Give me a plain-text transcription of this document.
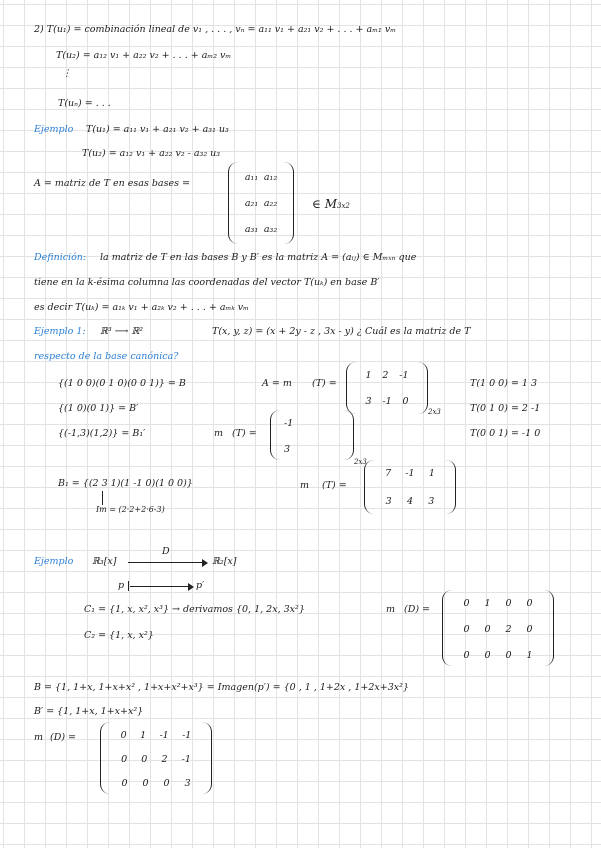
2) T(u₁) = combinación lineal de v₁ , . . . , vₙ = a₁₁ v₁ + a₂₁ v₂ + . . . + aₘ₁ vₘ
T(u₂) = a₁₂ v₁ + a₂₂ v₂ + . . . + aₘ₂ vₘ
⋮
T(uₙ) = . . .
Ejemplo T(u₁) = a₁₁ v₁ + a₂₁ v₂ + a₃₁ u₃
T(u₂) = a₁₂ v₁ + a₂₂ v₂ - a₃₂ u₃
A = matriz de T en esas bases =
a₁₁ a₁₂
a₂₁ a₂₂
a₃₁ a₃₂
∈ M3x2
Definición: la matriz de T en las bases B y B′ es la matriz A = (aᵢⱼ) ∈ Mₘₓₙ que
tiene en la k-ésima columna las coordenadas del vector T(uₖ) en base B′
es decir T(uₖ) = a₁ₖ v₁ + a₂ₖ v₂ + . . . + aₘₖ vₘ
Ejemplo 1: ℝ³ ⟶ ℝ²	T(x, y, z) = (x + 2y - z , 3x - y) ¿ Cuál es la matriz de T
respecto de la base canónica?
{(1 0 0)(0 1 0)(0 0 1)} = B
{(1 0)(0 1)} = B′
{(-1,3)(1,2)} = B₁′
A = m (T) =
1 2 -1
3 -1 0
2x3
T(1 0 0) = 1 3
T(0 1 0) = 2 -1
T(0 0 1) = -1 0
m (T) =
-1
3
2x3
B₁ = {(2 3 1)(1 -1 0)(1 0 0)}
Im = (2·2+2·6-3)
m (T) =
7 -1 1
3 4 3
Ejemplo ℝ₃[x]
D
ℝ₂[x]
p	p′
C₁ = {1, x, x², x³} → derivamos {0, 1, 2x, 3x²}
C₂ = {1, x, x²}
m (D) =
0 1 0 0
0 0 2 0
0 0 0 1
B = {1, 1+x, 1+x+x² , 1+x+x²+x³} = Imagen(p′) = {0 , 1 , 1+2x , 1+2x+3x²}
B′ = {1, 1+x, 1+x+x²}
m (D) =	0 1 -1 -1
0 0 2 -1
0 0 0 3
